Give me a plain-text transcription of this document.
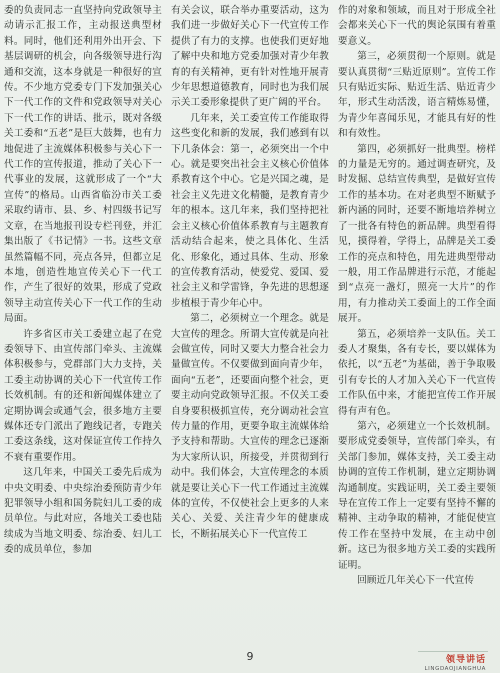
委的负责同志一直坚持向党政领导主动请示汇报工作，主动报送典型材料。同时，他们还利用外出开会、下基层调研的机会，向各级领导进行沟通和交流，这本身就是一种很好的宣传。不少地方党委专门下发加强关心下一代工作的文件和党政领导对关心下一代工作的讲话、批示，既对各级关工委和“五老”是巨大鼓舞，也有力地促进了主流媒体积极参与关心下一代工作的宣传报道，推动了关心下一代事业的发展，这就形成了一个“大宣传”的格局。山西省临汾市关工委采取约请市、县、乡、村四级书记写文章，在当地报刊设专栏刊登，并汇集出版了《书记情》一书。这些文章虽然篇幅不同，亮点各异，但都立足本地，创造性地宣传关心下一代工作，产生了很好的效果，形成了党政领导主动宣传关心下一代工作的生动局面。

许多省区市关工委建立起了在党委领导下、由宣传部门牵头、主流媒体积极参与，党群部门大力支持，关工委主动协调的关心下一代宣传工作长效机制。有的还和新闻媒体建立了定期协调会或通气会，很多地方主要媒体还专门派出了跑线记者，专跑关工委这条线，这对保证宣传工作持久不衰有重要作用。

这几年来，中国关工委先后成为中央文明委、中央综治委预防青少年犯罪领导小组和国务院妇儿工委的成员单位。与此对应，各地关工委也陆续成为当地文明委、综治委、妇儿工委的成员单位，参加

有关会议，联合举办重要活动，这为我们进一步做好关心下一代宣传工作提供了有力的支撑。也使我们更好地了解中央和地方党委加强对青少年教育的有关精神，更有针对性地开展青少年思想道德教育，同时也为我们展示关工委形象提供了更广阔的平台。

几年来，关工委宣传工作能取得这些变化和新的发展，我们感到有以下几条体会：第一，必须突出一个中心。就是要突出社会主义核心价值体系教育这个中心。它是兴国之魂，是社会主义先进文化精髓，是教育青少年的根本。这几年来，我们坚持把社会主义核心价值体系教育与主题教育活动结合起来，使之具体化、生活化、形象化，通过具体、生动、形象的宣传教育活动，使爱党、爱国、爱社会主义和学雷锋，争先进的思想逐步植根于青少年心中。

第二，必须树立一个理念。就是大宣传的理念。所谓大宣传就是向社会做宣传，同时又要大力整合社会力量做宣传。不仅要做到面向青少年，面向“五老”，还要面向整个社会，更要主动向党政领导汇报。不仅关工委自身要积极抓宣传，充分调动社会宣传力量的作用，更要争取主流媒体给予支持和帮助。大宣传的理念已逐渐为大家所认识，所接受，并贯彻到行动中。我们体会，大宣传理念的本质就是要让关心下一代工作通过主流媒体的宣传，不仅使社会上更多的人来关心、关爱、关注青少年的健康成长，不断拓展关心下一代宣传工

作的对象和领域，而且对于形成全社会都来关心下一代的舆论氛围有着重要意义。

第三，必须贯彻一个原则。就是要认真贯彻“三贴近原则”。宣传工作只有贴近实际、贴近生活、贴近青少年，形式生动活泼，语言精炼易懂，为青少年喜闻乐见，才能具有好的性和有效性。

第四，必须抓好一批典型。榜样的力量是无穷的。通过调查研究，及时发掘、总结宣传典型，是做好宣传工作的基本功。在对老典型不断赋予新内涵的同时，还要不断地培养树立了一批各有特色的新品牌。典型看得见，摸得着，学得上，品牌是关工委工作的亮点和特色，用先进典型带动一般，用工作品牌进行示范，才能起到“点亮一盏灯，照亮一大片”的作用，有力推动关工委面上的工作全面展开。

第五，必须培养一支队伍。关工委人才聚集，各有专长，要以媒体为依托，以“五老”为基础，善于争取吸引有专长的人才加入关心下一代宣传工作队伍中来，才能把宣传工作开展得有声有色。

第六，必须建立一个长效机制。要形成党委领导，宣传部门牵头，有关部门参加，媒体支持，关工委主动协调的宣传工作机制，建立定期协调沟通制度。实践证明，关工委主要领导在宣传工作上一定要有坚持不懈的精神、主动争取的精神，才能促使宣传工作在坚持中发展，在主动中创新。这已为很多地方关工委的实践所证明。

回顾近几年关心下一代宣传

9	领导讲话
LINGDAOJIANGHUA
